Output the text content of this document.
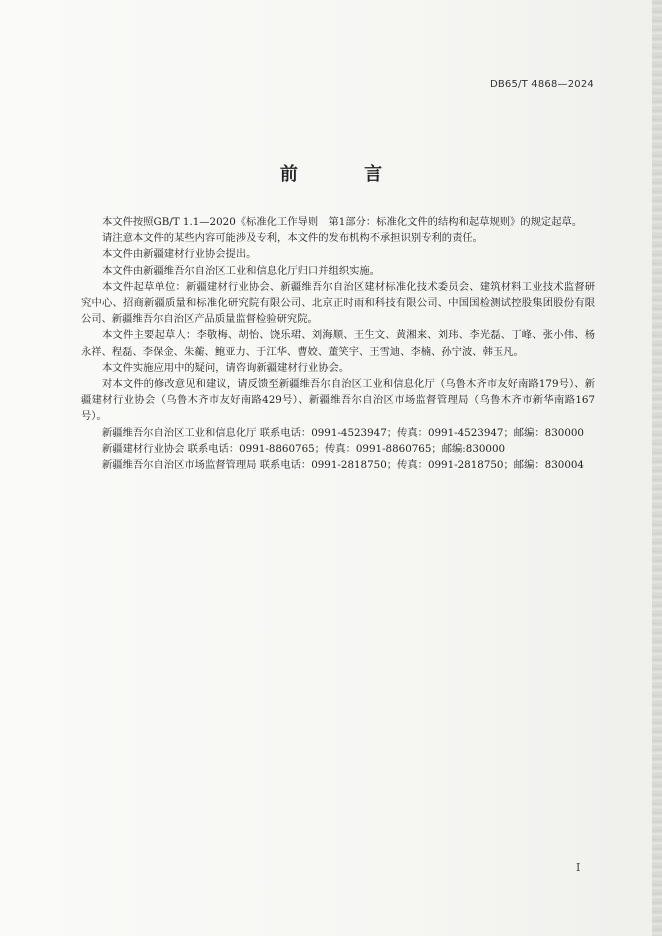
DB65/T 4868—2024
前 言

本文件按照GB/T 1.1—2020《标准化工作导则　第1部分：标准化文件的结构和起草规则》的规定起草。

请注意本文件的某些内容可能涉及专利，本文件的发布机构不承担识别专利的责任。

本文件由新疆建材行业协会提出。

本文件由新疆维吾尔自治区工业和信息化厅归口并组织实施。

本文件起草单位：新疆建材行业协会、新疆维吾尔自治区建材标准化技术委员会、建筑材料工业技术监督研究中心、招商新疆质量和标准化研究院有限公司、北京正时雨和科技有限公司、中国国检测试控股集团股份有限公司、新疆维吾尔自治区产品质量监督检验研究院。

本文件主要起草人：李敬梅、胡怡、饶乐珺、刘海顺、王生文、黄湘来、刘玮、李光磊、丁峰、张小伟、杨永祥、程磊、李保金、朱蘅、鲍亚力、于江华、曹姣、董笑宇、王雪迪、李楠、孙宁波、韩玉凡。

本文件实施应用中的疑问，请咨询新疆建材行业协会。

对本文件的修改意见和建议，请反馈至新疆维吾尔自治区工业和信息化厅（乌鲁木齐市友好南路179号）、新疆建材行业协会（乌鲁木齐市友好南路429号）、新疆维吾尔自治区市场监督管理局（乌鲁木齐市新华南路167号）。

新疆维吾尔自治区工业和信息化厅 联系电话：0991-4523947；传真：0991-4523947；邮编：830000

新疆建材行业协会 联系电话：0991-8860765；传真：0991-8860765；邮编:830000

新疆维吾尔自治区市场监督管理局 联系电话：0991-2818750；传真：0991-2818750；邮编：830004

I
